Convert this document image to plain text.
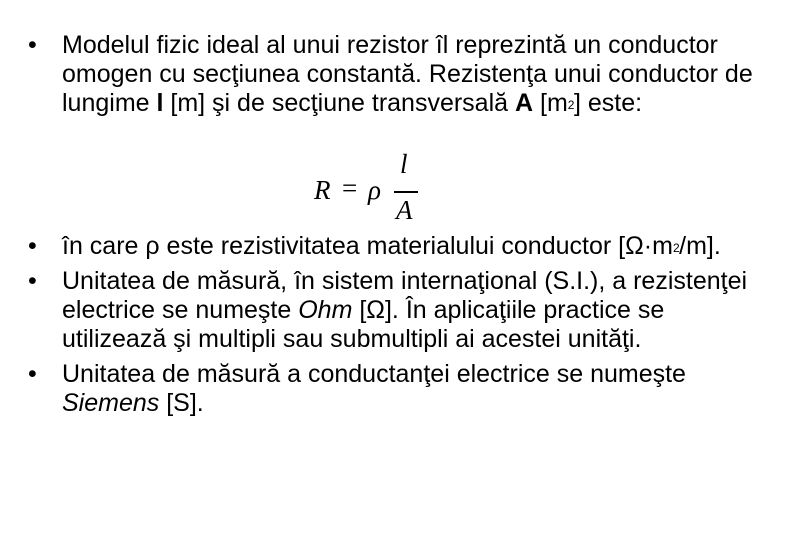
• Modelul fizic ideal al unui rezistor îl reprezintă un conductor omogen cu secţiunea constantă. Rezistenţa unui conductor de lungime l [m] şi de secţiune transversală A $[m^2]$ este:
R = ρ
l
A
• în care ρ este rezistivitatea materialului conductor $[\Omega\cdot m^2/m]$.
• Unitatea de măsură, în sistem internaţional (S.I.), a rezistenţei electrice se numeşte Ohm [Ω]. În aplicaţiile practice se utilizează şi multipli sau submultipli ai acestei unităţi.
• Unitatea de măsură a conductanţei electrice se numeşte Siemens [S].
